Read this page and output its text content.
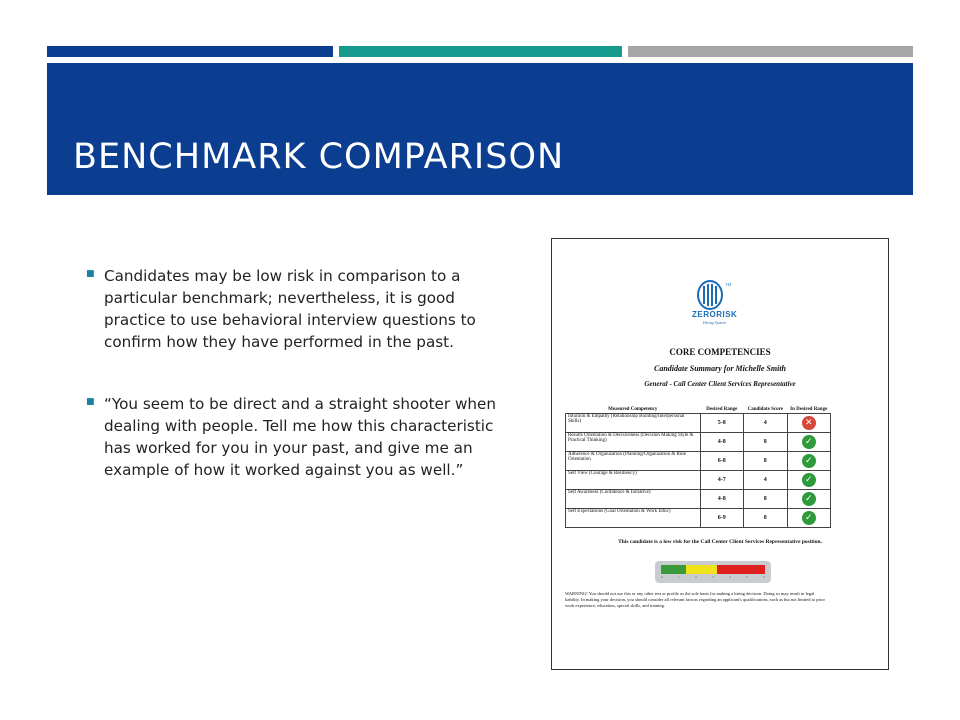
BENCHMARK COMPARISON
■ Candidates may be low risk in comparison to a particular benchmark; nevertheless, it is good practice to use behavioral interview questions to confirm how they have performed in the past.
■ “You seem to be direct and a straight shooter when dealing with people. Tell me how this characteristic has worked for you in your past, and give me an example of how it worked against you as well.”
TM
ZERORISK
Hiring System
CORE COMPETENCIES
Candidate Summary for Michelle Smith
General - Call Center Client Services Representative
Measured Competency	Desired Range	Candidate Score	In Desired Range
Intuition & Empathy (Relationship Building/Interpersonal Skills)	5-8	4	✕
Results Orientation & Decisiveness (Decision Making Style & Practical Thinking)	4-8	8	✓
Adherence & Organization (Planning/Organization & Rule Orientation	6-8	8	✓
Self View (Courage & Resiliency)	4-7	4	✓
Self Awareness (Confidence & Initiative)	4-8	8	✓
Self Expectations (Goal Orientation & Work Ethic)	6-9	8	✓
This candidate is a low risk for the Call Center Client Services Representative position.
0	1	2	3	4	5	6
WARNING! You should not use this or any other test or profile as the sole basis for making a hiring decision. Doing so may result in legal liability. In making your decision, you should consider all relevant factors regarding an applicant's qualifications, such as but not limited to prior work experience, education, special skills, and training.
